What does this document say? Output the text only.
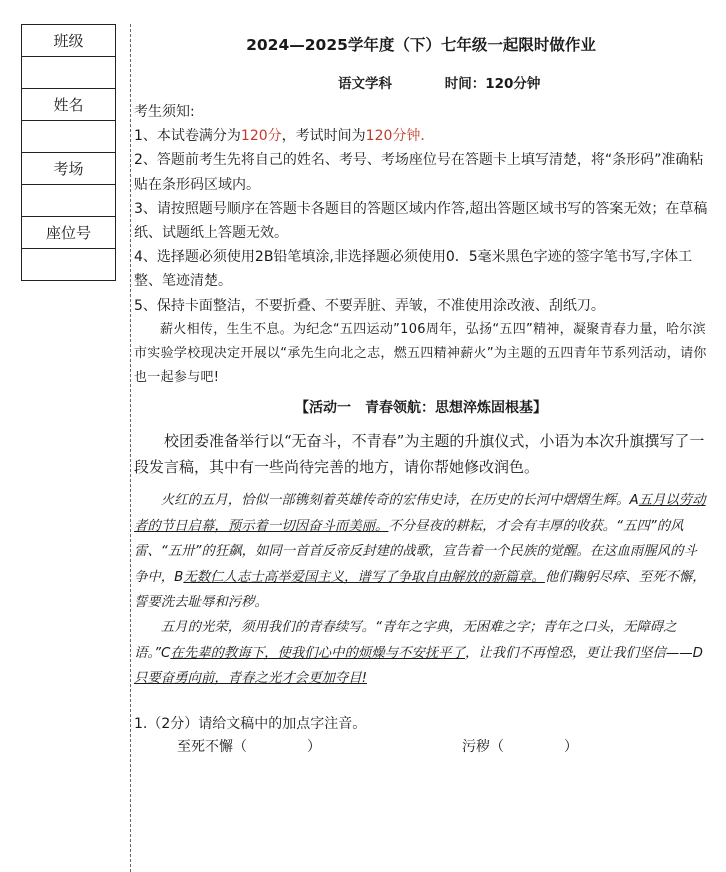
班级

姓名

考场

座位号

2024—2025学年度（下）七年级一起限时做作业
语文学科	时间：120分钟

考生须知:

1、本试卷满分为120分，考试时间为120分钟.

2、答题前考生先将自己的姓名、考号、考场座位号在答题卡上填写清楚，将“条形码”准确粘贴在条形码区域内。

3、请按照题号顺序在答题卡各题目的答题区域内作答,超出答题区域书写的答案无效；在草稿纸、试题纸上答题无效。

4、选择题必须使用2B铅笔填涂,非选择题必须使用0．5毫米黑色字迹的签字笔书写,字体工整、笔迹清楚。

5、保持卡面整洁，不要折叠、不要弄脏、弄皱，不准使用涂改液、刮纸刀。

薪火相传，生生不息。为纪念“五四运动”106周年，弘扬“五四”精神，凝聚青春力量，哈尔滨市实验学校现决定开展以“承先生向北之志，燃五四精神薪火”为主题的五四青年节系列活动，请你也一起参与吧!
【活动一　青春领航：思想淬炼固根基】
校团委准备举行以“无奋斗，不青春”为主题的升旗仪式，小语为本次升旗撰写了一段发言稿，其中有一些尚待完善的地方，请你帮她修改润色。

火红的五月，恰似一部镌刻着英雄传奇的宏伟史诗，在历史的长河中熠熠生辉。A五月以劳动者的节日启幕，预示着一切因奋斗而美丽。不分昼夜的耕耘，才会有丰厚的收获。“五四”的风雷、“五卅”的狂飙，如同一首首反帝反封建的战歌，宣告着一个民族的觉醒。在这血雨腥风的斗争中，B无数仁人志士高举爱国主义，谱写了争取自由解放的新篇章。他们鞠躬尽瘁、至死不懈，誓要洗去耻辱和污秽。

五月的光荣，须用我们的青春续写。“青年之字典，无困难之字；青年之口头，无障碍之语。”C在先辈的教诲下，使我们心中的烦燥与不安抚平了，让我们不再惶恐，更让我们坚信——D只要奋勇向前，青春之光才会更加夺目!

1.（2分）请给文稿中的加点字注音。
至死不懈（	）	污秽（	）
